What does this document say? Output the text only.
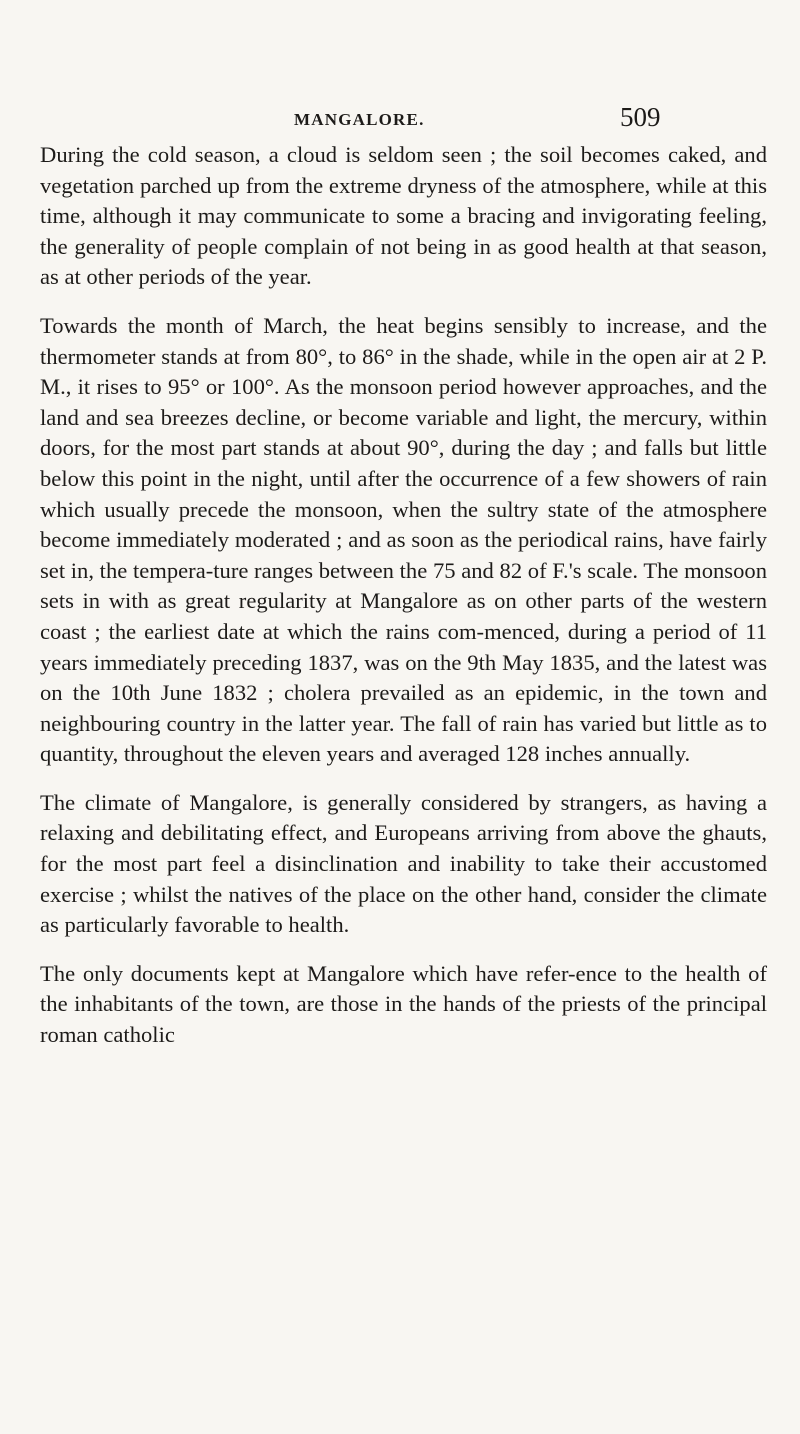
MANGALORE.	509

During the cold season, a cloud is seldom seen ; the soil becomes caked, and vegetation parched up from the extreme dryness of the atmosphere, while at this time, although it may communicate to some a bracing and invigorating feeling, the generality of people complain of not being in as good health at that season, as at other periods of the year.

Towards the month of March, the heat begins sensibly to increase, and the thermometer stands at from 80°, to 86° in the shade, while in the open air at 2 P. M., it rises to 95° or 100°. As the monsoon period however approaches, and the land and sea breezes decline, or become variable and light, the mercury, within doors, for the most part stands at about 90°, during the day ; and falls but little below this point in the night, until after the occurrence of a few showers of rain which usually precede the monsoon, when the sultry state of the atmosphere become immediately moderated ; and as soon as the periodical rains, have fairly set in, the tempera-ture ranges between the 75 and 82 of F.'s scale. The monsoon sets in with as great regularity at Mangalore as on other parts of the western coast ; the earliest date at which the rains com-menced, during a period of 11 years immediately preceding 1837, was on the 9th May 1835, and the latest was on the 10th June 1832 ; cholera prevailed as an epidemic, in the town and neighbouring country in the latter year. The fall of rain has varied but little as to quantity, throughout the eleven years and averaged 128 inches annually.

The climate of Mangalore, is generally considered by strangers, as having a relaxing and debilitating effect, and Europeans arriving from above the ghauts, for the most part feel a disinclination and inability to take their accustomed exercise ; whilst the natives of the place on the other hand, consider the climate as particularly favorable to health.

The only documents kept at Mangalore which have refer-ence to the health of the inhabitants of the town, are those in the hands of the priests of the principal roman catholic
